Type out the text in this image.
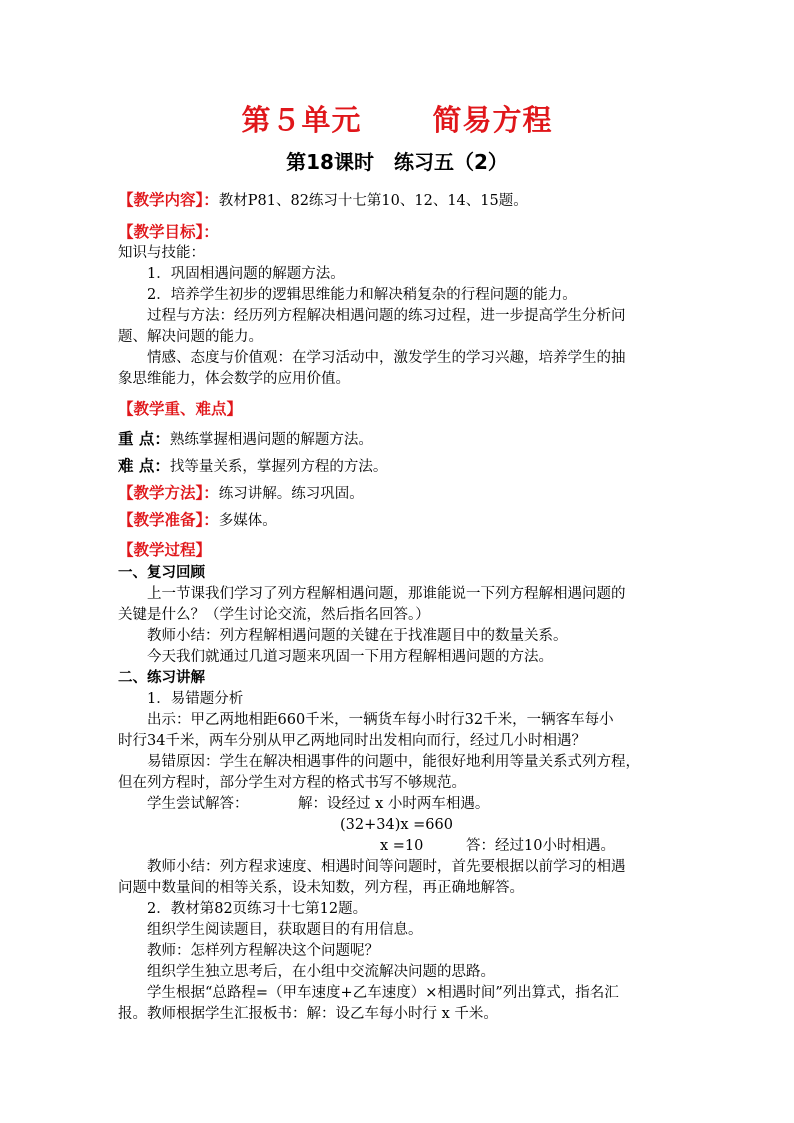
第５单元 　　简易方程
第18课时　练习五（2）
【教学内容】：教材P81、82练习十七第10、12、14、15题。
【教学目标】：
知识与技能：
1．巩固相遇问题的解题方法。
2．培养学生初步的逻辑思维能力和解决稍复杂的行程问题的能力。
过程与方法：经历列方程解决相遇问题的练习过程，进一步提高学生分析问
题、解决问题的能力。
情感、态度与价值观：在学习活动中，激发学生的学习兴趣，培养学生的抽
象思维能力，体会数学的应用价值。
【教学重、难点】
重 点：熟练掌握相遇问题的解题方法。
难 点：找等量关系，掌握列方程的方法。
【教学方法】：练习讲解。练习巩固。
【教学准备】：多媒体。
【教学过程】
一、复习回顾
上一节课我们学习了列方程解相遇问题，那谁能说一下列方程解相遇问题的
关键是什么？（学生讨论交流，然后指名回答。）
教师小结：列方程解相遇问题的关键在于找准题目中的数量关系。
今天我们就通过几道习题来巩固一下用方程解相遇问题的方法。
二、练习讲解
1．易错题分析
出示：甲乙两地相距660千米，一辆货车每小时行32千米，一辆客车每小
时行34千米，两车分别从甲乙两地同时出发相向而行，经过几小时相遇？
易错原因：学生在解决相遇事件的问题中，能很好地利用等量关系式列方程，
但在列方程时，部分学生对方程的格式书写不够规范。
学生尝试解答：	解：设经过 x 小时两车相遇。
(32+34)x =660
x =10	答：经过10小时相遇。
教师小结：列方程求速度、相遇时间等问题时，首先要根据以前学习的相遇
问题中数量间的相等关系，设未知数，列方程，再正确地解答。
2．教材第82页练习十七第12题。
组织学生阅读题目，获取题目的有用信息。
教师：怎样列方程解决这个问题呢？
组织学生独立思考后，在小组中交流解决问题的思路。
学生根据“总路程=（甲车速度+乙车速度）×相遇时间”列出算式，指名汇
报。教师根据学生汇报板书：解：设乙车每小时行 x 千米。
